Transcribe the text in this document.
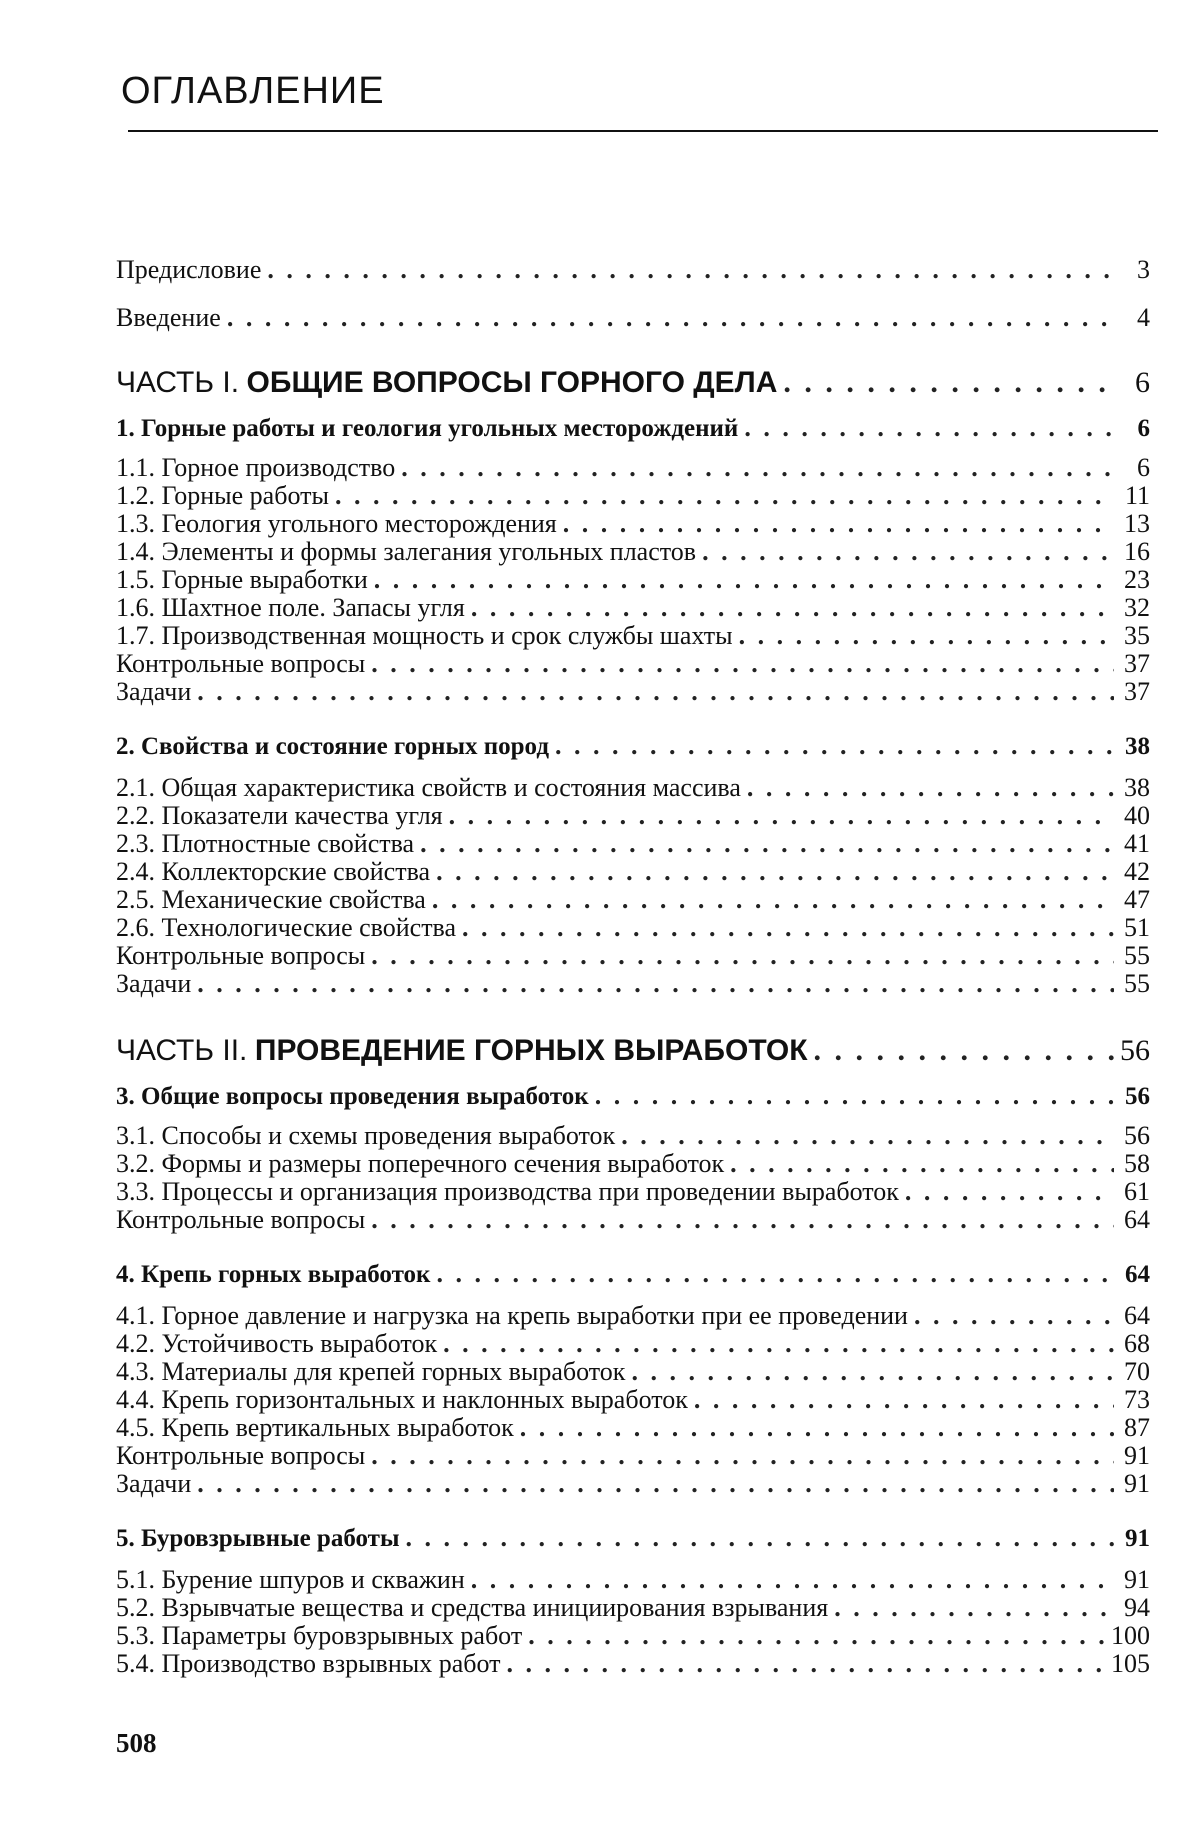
ОГЛАВЛЕНИЕ
Предисловие . . .	3
Введение . . .	4
ЧАСТЬ I. ОБЩИЕ ВОПРОСЫ ГОРНОГО ДЕЛА . . .	6
1. Горные работы и геология угольных месторождений . . .	6
1.1. Горное производство . . .	6
1.2. Горные работы . . .	11
1.3. Геология угольного месторождения . . .	13
1.4. Элементы и формы залегания угольных пластов . . .	16
1.5. Горные выработки . . .	23
1.6. Шахтное поле. Запасы угля . . .	32
1.7. Производственная мощность и срок службы шахты . . .	35
Контрольные вопросы . . .	37
Задачи . . .	37
2. Свойства и состояние горных пород . . .	38
2.1. Общая характеристика свойств и состояния массива . . .	38
2.2. Показатели качества угля . . .	40
2.3. Плотностные свойства . . .	41
2.4. Коллекторские свойства . . .	42
2.5. Механические свойства . . .	47
2.6. Технологические свойства . . .	51
Контрольные вопросы . . .	55
Задачи . . .	55
ЧАСТЬ II. ПРОВЕДЕНИЕ ГОРНЫХ ВЫРАБОТОК . . .	56
3. Общие вопросы проведения выработок . . .	56
3.1. Способы и схемы проведения выработок . . .	56
3.2. Формы и размеры поперечного сечения выработок . . .	58
3.3. Процессы и организация производства при проведении выработок . . .	61
Контрольные вопросы . . .	64
4. Крепь горных выработок . . .	64
4.1. Горное давление и нагрузка на крепь выработки при ее проведении . . .	64
4.2. Устойчивость выработок . . .	68
4.3. Материалы для крепей горных выработок . . .	70
4.4. Крепь горизонтальных и наклонных выработок . . .	73
4.5. Крепь вертикальных выработок . . .	87
Контрольные вопросы . . .	91
Задачи . . .	91
5. Буровзрывные работы . . .	91
5.1. Бурение шпуров и скважин . . .	91
5.2. Взрывчатые вещества и средства инициирования взрывания . . .	94
5.3. Параметры буровзрывных работ . . .	100
5.4. Производство взрывных работ . . .	105
508
